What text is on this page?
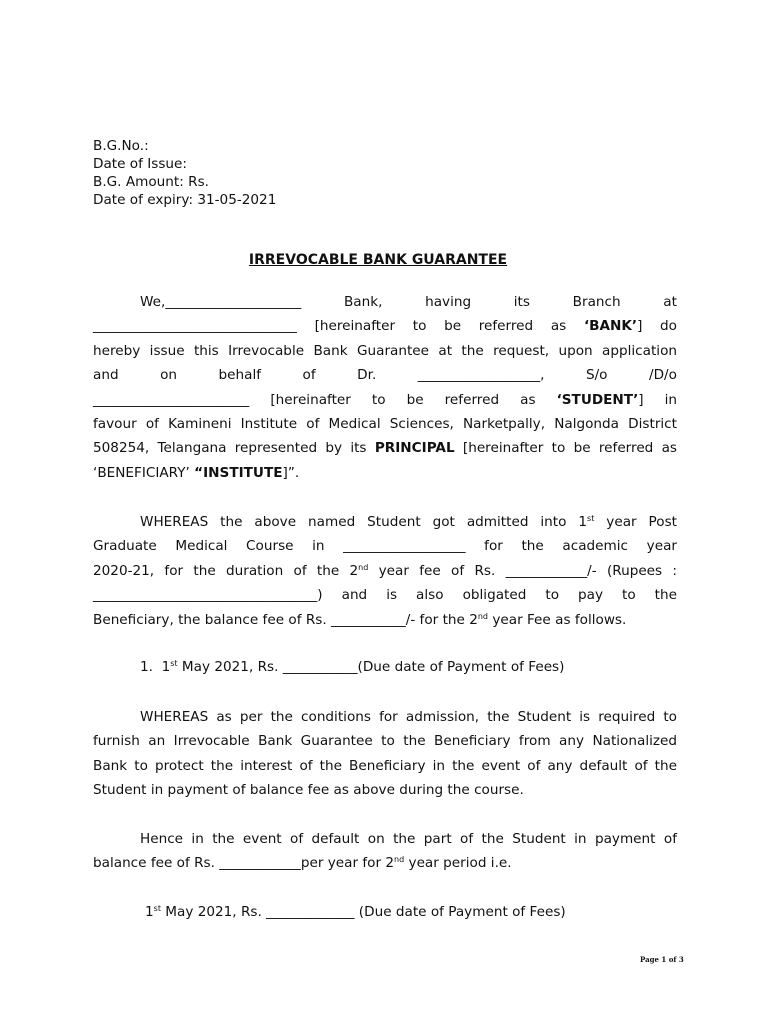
B.G.No.:
Date of Issue:
B.G. Amount: Rs.
Date of expiry: 31-05-2021
IRREVOCABLE BANK GUARANTEE

We,____________________	Bank,	having	its	Branch	at

______________________________ [hereinafter to be referred as ‘BANK’] do

hereby issue this Irrevocable Bank Guarantee at the request, upon application

and	on	behalf	of	Dr.	__________________,	S/o	/D/o

_______________________ [hereinafter to be referred as ‘STUDENT’] in

favour of Kamineni Institute of Medical Sciences, Narketpally, Nalgonda District

508254, Telangana represented by its PRINCIPAL [hereinafter to be referred as

‘BENEFICIARY’ “INSTITUTE]”.

WHEREAS the above named Student got admitted into 1st year Post

Graduate Medical Course in __________________ for the academic year

2020-21, for the duration of the 2nd year fee of Rs. ____________/- (Rupees :

_________________________________) and is also obligated to pay to the

Beneficiary, the balance fee of Rs. ___________/- for the 2nd year Fee as follows.

1. 1st May 2021, Rs. ___________(Due date of Payment of Fees)

WHEREAS as per the conditions for admission, the Student is required to

furnish an Irrevocable Bank Guarantee to the Beneficiary from any Nationalized

Bank to protect the interest of the Beneficiary in the event of any default of the

Student in payment of balance fee as above during the course.

Hence in the event of default on the part of the Student in payment of

balance fee of Rs. ____________per year for 2nd year period i.e.

1st May 2021, Rs. _____________ (Due date of Payment of Fees)
Page 1 of 3
